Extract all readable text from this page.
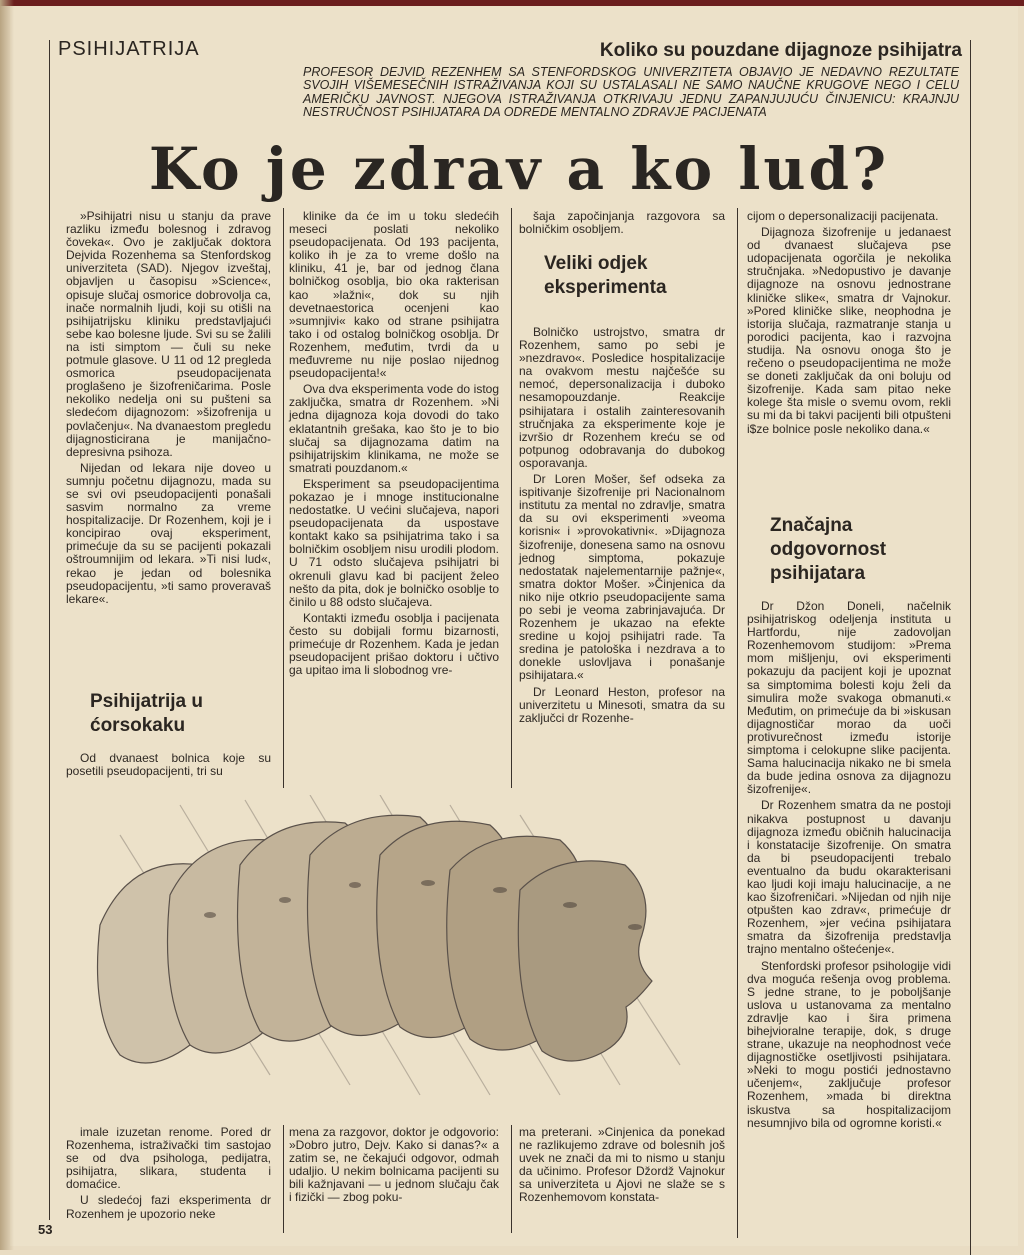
PSIHIJATRIJA	Koliko su pouzdane dijagnoze psihijatra
PROFESOR DEJVID REZENHEM SA STENFORDSKOG UNIVERZITETA OBJAVIO JE NEDAVNO REZULTATE SVOJIH VIŠEMESEČNIH ISTRAŽIVANJA KOJI SU USTALASALI NE SAMO NAUČNE KRUGOVE NEGO I CELU AMERIČKU JAVNOST. NJEGOVA ISTRAŽIVANJA OTKRIVAJU JEDNU ZAPANJUJUĆU ČINJENICU: KRAJNJU NESTRUČNOST PSIHIJATARA DA ODREDE MENTALNO ZDRAVJE PACIJENATA
Ko je zdrav a ko lud?

»Psihijatri nisu u stanju da prave razliku između bolesnog i zdravog čoveka«. Ovo je zaključak doktora Dejvida Rozenhema sa Stenfordskog univerziteta (SAD). Njegov izveštaj, objavljen u časopisu »Science«, opisuje slučaj osmorice dobrovolja ca, inače normalnih ljudi, koji su otišli na psihijatrijsku kliniku predstavljajući sebe kao bolesne ljude. Svi su se žalili na isti simptom — čuli su neke potmule glasove. U 11 od 12 pregleda osmorica pseudopacijenata proglašeno je šizofreničarima. Posle nekoliko nedelja oni su pušteni sa sledećom dijagnozom: »šizofrenija u povlačenju«. Na dvanaestom pregledu dijagnosticirana je manijačno-depresivna psihoza.

Nijedan od lekara nije doveo u sumnju početnu dijagnozu, mada su se svi ovi pseudopacijenti ponašali sasvim normalno za vreme hospitalizacije. Dr Rozenhem, koji je i koncipirao ovaj eksperiment, primećuje da su se pacijenti pokazali oštroumnijim od lekara. »Ti nisi lud«, rekao je jedan od bolesnika pseudopacijentu, »ti samo proveravaš lekare«.

Psihijatrija u ćorsokaku

Od dvanaest bolnica koje su posetili pseudopacijenti, tri su

klinike da će im u toku sledećih meseci poslati nekoliko pseudopacijenata. Od 193 pacijenta, koliko ih je za to vreme došlo na kliniku, 41 je, bar od jednog člana bolničkog osoblja, bio oka rakterisan kao »lažni«, dok su njih devetnaestorica ocenjeni kao »sumnjivi« kako od strane psihijatra tako i od ostalog bolničkog osoblja. Dr Rozenhem, međutim, tvrdi da u međuvreme nu nije poslao nijednog pseudopacijenta!«

Ova dva eksperimenta vode do istog zaključka, smatra dr Rozenhem. »Ni jedna dijagnoza koja dovodi do tako eklatantnih grešaka, kao što je to bio slučaj sa dijagnozama datim na psihijatrijskim klinikama, ne može se smatrati pouzdanom.«

Eksperiment sa pseudopacijentima pokazao je i mnoge institucionalne nedostatke. U većini slučajeva, napori pseudopacijenata da uspostave kontakt kako sa psihijatrima tako i sa bolničkim osobljem nisu urodili plodom. U 71 odsto slučajeva psihijatri bi okrenuli glavu kad bi pacijent želeo nešto da pita, dok je bolničko osoblje to činilo u 88 odsto slučajeva.

Kontakti između osoblja i pacijenata često su dobijali formu bizarnosti, primećuje dr Rozenhem. Kada je jedan pseudopacijent prišao doktoru i učtivo ga upitao ima li slobodnog vre-

šaja započinjanja razgovora sa bolničkim osobljem.

Veliki odjek eksperimenta

Bolničko ustrojstvo, smatra dr Rozenhem, samo po sebi je »nezdravo«. Posledice hospitalizacije na ovakvom mestu najčešće su nemoć, depersonalizacija i duboko nesamopouzdanje. Reakcije psihijatara i ostalih zainteresovanih stručnjaka za eksperimente koje je izvršio dr Rozenhem kreću se od potpunog odobravanja do dubokog osporavanja.

Dr Loren Mošer, šef odseka za ispitivanje šizofrenije pri Nacionalnom institutu za mental no zdravlje, smatra da su ovi eksperimenti »veoma korisni« i »provokativni«. »Dijagnoza šizofrenije, donesena samo na osnovu jednog simptoma, pokazuje nedostatak najelementarnije pažnje«, smatra doktor Mošer. »Činjenica da niko nije otkrio pseudopacijente sama po sebi je veoma zabrinjavajuća. Dr Rozenhem je ukazao na efekte sredine u kojoj psihijatri rade. Ta sredina je patološka i nezdrava a to donekle uslovljava i ponašanje psihijatara.«

Dr Leonard Heston, profesor na univerzitetu u Minesoti, smatra da su zaključci dr Rozenhe-

cijom o depersonalizaciji pacijenata.

Dijagnoza šizofrenije u jedanaest od dvanaest slučajeva pse udopacijenata ogorčila je nekolika stručnjaka. »Nedopustivo je davanje dijagnoze na osnovu jednostrane kliničke slike«, smatra dr Vajnokur. »Pored kliničke slike, neophodna je istorija slučaja, razmatranje stanja u porodici pacijenta, kao i razvojna studija. Na osnovu onoga što je rečeno o pseudopacijentima ne može se doneti zaključak da oni boluju od šizofrenije. Kada sam pitao neke kolege šta misle o svemu ovom, rekli su mi da bi takvi pacijenti bili otpušteni i$ze bolnice posle nekoliko dana.«

Značajna odgovornost psihijatara

Dr Džon Doneli, načelnik psihijatriskog odeljenja instituta u Hartfordu, nije zadovoljan Rozenhemovom studijom: »Prema mom mišljenju, ovi eksperimenti pokazuju da pacijent koji je upoznat sa simptomima bolesti koju želi da simulira može svakoga obmanuti.« Međutim, on primećuje da bi »iskusan dijagnostičar morao da uoči protivurečnost između istorije simptoma i celokupne slike pacijenta. Sama halucinacija nikako ne bi smela da bude jedina osnova za dijagnozu šizofrenije«.

Dr Rozenhem smatra da ne postoji nikakva postupnost u davanju dijagnoza između običnih halucinacija i konstatacije šizofrenije. On smatra da bi pseudopacijenti trebalo eventualno da budu okarakterisani kao ljudi koji imaju halucinacije, a ne kao šizofreničari. »Nijedan od njih nije otpušten kao zdrav«, primećuje dr Rozenhem, »jer većina psihijatara smatra da šizofrenija predstavlja trajno mentalno oštećenje«.

Stenfordski profesor psihologije vidi dva moguća rešenja ovog problema. S jedne strane, to je poboljšanje uslova u ustanovama za mentalno zdravlje kao i šira primena bihejvioralne terapije, dok, s druge strane, ukazuje na neophodnost veće dijagnostičke osetljivosti psihijatara. »Neki to mogu postići jednostavno učenjem«, zaključuje profesor Rozenhem, »mada bi direktna iskustva sa hospitalizacijom nesumnjivo bila od ogromne koristi.«

imale izuzetan renome. Pored dr Rozenhema, istraživački tim sastojao se od dva psihologa, pedijatra, psihijatra, slikara, studenta i domaćice.

U sledećoj fazi eksperimenta dr Rozenhem je upozorio neke

mena za razgovor, doktor je odgovorio: »Dobro jutro, Dejv. Kako si danas?« a zatim se, ne čekajući odgovor, odmah udaljio. U nekim bolnicama pacijenti su bili kažnjavani — u jednom slučaju čak i fizički — zbog poku-

ma preterani. »Cinjenica da ponekad ne razlikujemo zdrave od bolesnih još uvek ne znači da mi to nismo u stanju da učinimo. Profesor Džordž Vajnokur sa univerziteta u Ajovi ne slaže se s Rozenhemovom konstata-

53
